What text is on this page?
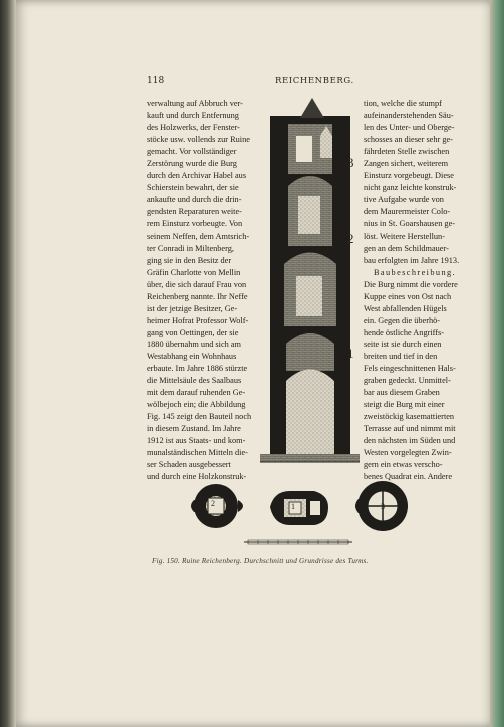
118	REICHENBERG.

verwaltung auf Abbruch ver-

kauft und durch Entfernung

des Holzwerks, der Fenster-

stöcke usw. vollends zur Ruine

gemacht. Vor vollständiger

Zerstörung wurde die Burg

durch den Archivar Habel aus

Schierstein bewahrt, der sie

ankaufte und durch die drin-

gendsten Reparaturen weite-

rem Einsturz vorbeugte. Von

seinem Neffen, dem Amtsrich-

ter Conradi in Miltenberg,

ging sie in den Besitz der

Gräfin Charlotte von Mellin

über, die sich darauf Frau von

Reichenberg nannte. Ihr Neffe

ist der jetzige Besitzer, Ge-

heimer Hofrat Professor Wolf-

gang von Oettingen, der sie

1880 übernahm und sich am

Westabhang ein Wohnhaus

erbaute. Im Jahre 1886 stürzte

die Mittelsäule des Saalbaus

mit dem darauf ruhenden Ge-

wölbejoch ein; die Abbildung

Fig. 145 zeigt den Bauteil noch

in diesem Zustand. Im Jahre

1912 ist aus Staats- und kom-

munalständischen Mitteln die-

ser Schaden ausgebessert

und durch eine Holzkonstruk-

tion, welche die stumpf

aufeinanderstehenden Säu-

len des Unter- und Oberge-

schosses an dieser sehr ge-

fährdeten Stelle zwischen

Zangen sichert, weiterem

Einsturz vorgebeugt. Diese

nicht ganz leichte konstruk-

tive Aufgabe wurde von

dem Maurermeister Colo-

nius in St. Goarshausen ge-

löst. Weitere Herstellun-

gen an dem Schildmauer-

bau erfolgten im Jahre 1913.

Baubeschreibung.

Die Burg nimmt die vordere

Kuppe eines von Ost nach

West abfallenden Hügels

ein. Gegen die überhö-

hende östliche Angriffs-

seite ist sie durch einen

breiten und tief in den

Fels eingeschnittenen Hals-

graben gedeckt. Unmittel-

bar aus diesem Graben

steigt die Burg mit einer

zweistöckig kasemattierten

Terrasse auf und nimmt mit

den nächsten im Süden und

Westen vorgelegten Zwin-

gern ein etwas verscho-

benes Quadrat ein. Andere

3
2
1
2	1	3
Fig. 150. Ruine Reichenberg. Durchschnitt und Grundrisse des Turms.
